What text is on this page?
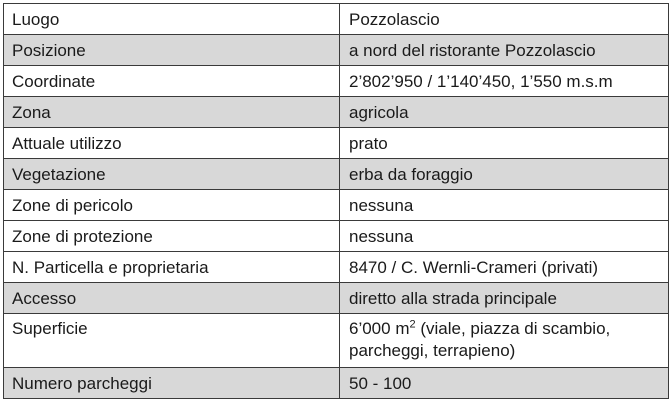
Luogo	Pozzolascio
Posizione	a nord del ristorante Pozzolascio
Coordinate	2’802’950 / 1’140’450, 1’550 m.s.m
Zona	agricola
Attuale utilizzo	prato
Vegetazione	erba da foraggio
Zone di pericolo	nessuna
Zone di protezione	nessuna
N. Particella e proprietaria	8470 / C. Wernli-Crameri (privati)
Accesso	diretto alla strada principale
Superficie	6’000 $m^2$ (viale, piazza di scambio,
parcheggi, terrapieno)
Numero parcheggi	50 - 100
